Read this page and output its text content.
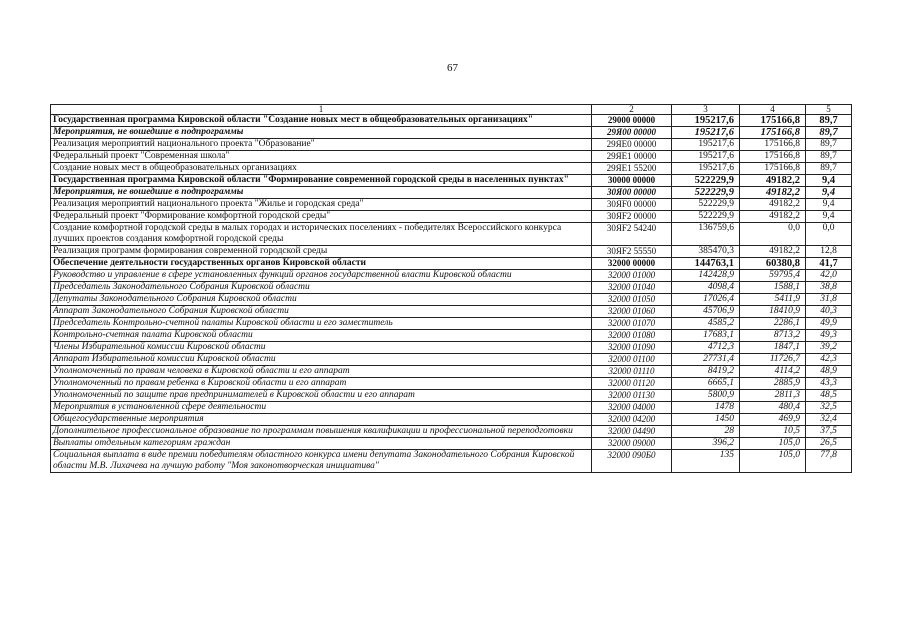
67
1	2	3	4	5
Государственная программа Кировской области "Создание новых мест в общеобразовательных организациях"	29000 00000	195217,6	175166,8	89,7
Мероприятия, не вошедшие в подпрограммы	29Я00 00000	195217,6	175166,8	89,7
Реализация мероприятий национального проекта "Образование"	29ЯЕ0 00000	195217,6	175166,8	89,7
Федеральный проект "Современная школа"	29ЯЕ1 00000	195217,6	175166,8	89,7
Создание новых мест в общеобразовательных организациях	29ЯЕ1 55200	195217,6	175166,8	89,7
Государственная программа Кировской области "Формирование современной городской среды в населенных пунктах"	30000 00000	522229,9	49182,2	9,4
Мероприятия, не вошедшие в подпрограммы	30Я00 00000	522229,9	49182,2	9,4
Реализация мероприятий национального проекта "Жилье и городская среда"	30ЯF0 00000	522229,9	49182,2	9,4
Федеральный проект "Формирование комфортной городской среды"	30ЯF2 00000	522229,9	49182,2	9,4
Создание комфортной городской среды в малых городах и исторических поселениях - победителях Всероссийского конкурса лучших проектов создания комфортной городской среды	30ЯF2 54240	136759,6	0,0	0,0
Реализация программ формирования современной городской среды	30ЯF2 55550	385470,3	49182,2	12,8
Обеспечение деятельности государственных органов Кировской области	32000 00000	144763,1	60380,8	41,7
Руководство и управление в сфере установленных функций органов государственной власти Кировской области	32000 01000	142428,9	59795,4	42,0
Председатель Законодательного Собрания Кировской области	32000 01040	4098,4	1588,1	38,8
Депутаты Законодательного Собрания Кировской области	32000 01050	17026,4	5411,9	31,8
Аппарат Законодательного Собрания Кировской области	32000 01060	45706,9	18410,9	40,3
Председатель Контрольно-счетной палаты Кировской области и его заместитель	32000 01070	4585,2	2286,1	49,9
Контрольно-счетная палата Кировской области	32000 01080	17683,1	8713,2	49,3
Члены Избирательной комиссии Кировской области	32000 01090	4712,3	1847,1	39,2
Аппарат Избирательной комиссии Кировской области	32000 01100	27731,4	11726,7	42,3
Уполномоченный по правам человека в Кировской области и его аппарат	32000 01110	8419,2	4114,2	48,9
Уполномоченный по правам ребенка в Кировской области и его аппарат	32000 01120	6665,1	2885,9	43,3
Уполномоченный по защите прав предпринимателей в Кировской области и его аппарат	32000 01130	5800,9	2811,3	48,5
Мероприятия в установленной сфере деятельности	32000 04000	1478	480,4	32,5
Общегосударственные мероприятия	32000 04200	1450	469,9	32,4
Дополнительное профессиональное образование по программам повышения квалификации и профессиональной переподготовки	32000 04490	28	10,5	37,5
Выплаты отдельным категориям граждан	32000 09000	396,2	105,0	26,5
Социальная выплата в виде премии победителям областного конкурса имени депутата Законодательного Собрания Кировской области М.В. Лихачева на лучшую работу "Моя законотворческая инициатива"	32000 090Б0	135	105,0	77,8
